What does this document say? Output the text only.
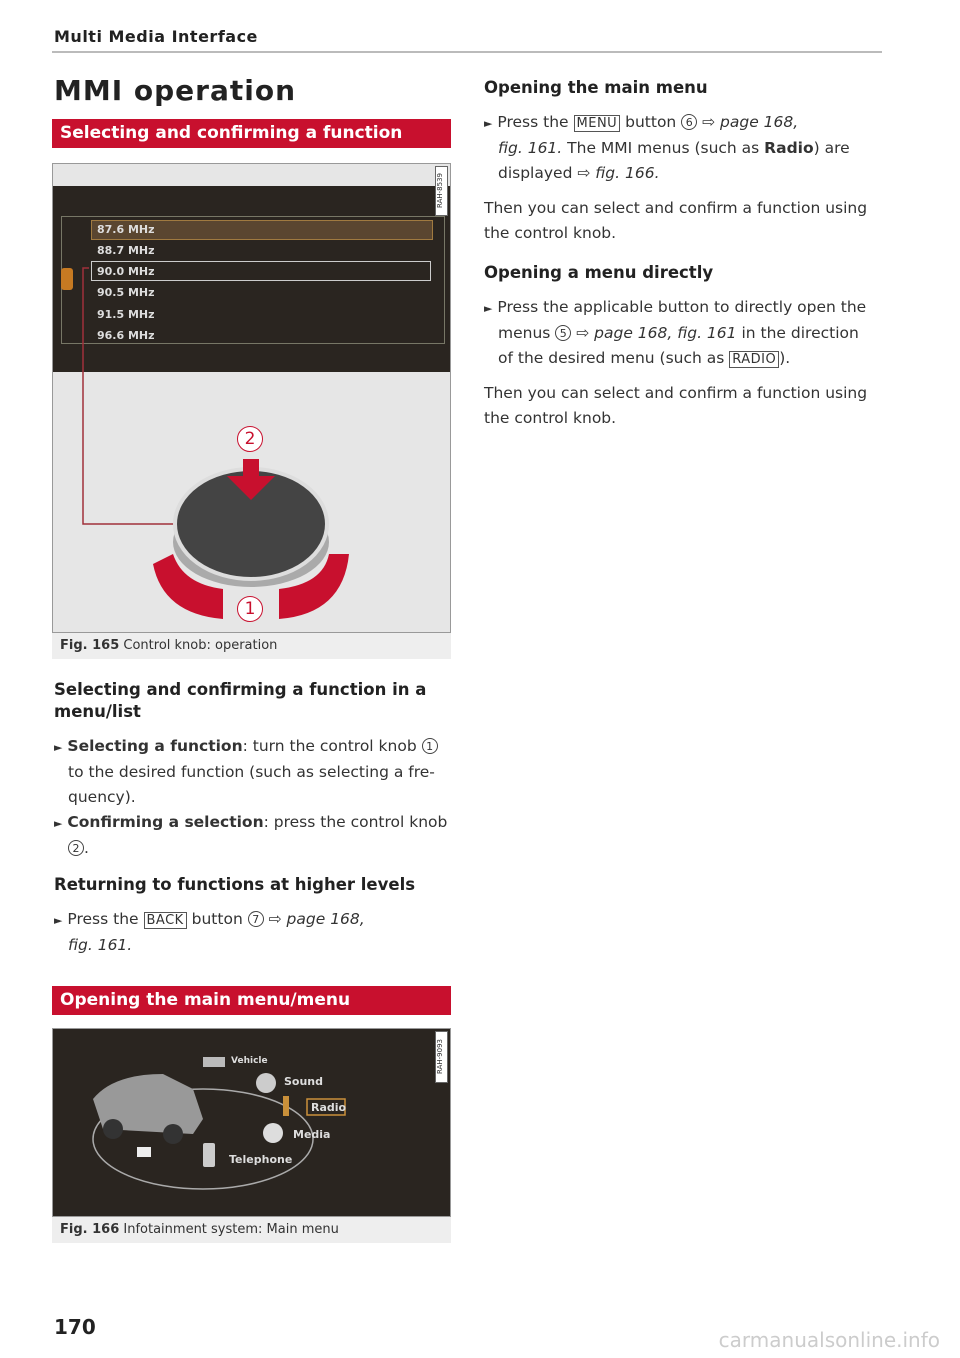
Multi Media Interface
MMI operation
Selecting and confirming a function
RAH-8539
87.6 MHz
88.7 MHz
90.0 MHz
90.5 MHz
91.5 MHz
96.6 MHz
2
1
Fig. 165 Control knob: operation
Selecting and confirming a function in a menu/list
► Selecting a function: turn the control knob 1
to the desired function (such as selecting a fre-
quency).
► Confirming a selection: press the control knob
2 .
Returning to functions at higher levels
► Press the BACK button 7 ⇨ page 168,
fig. 161.
Opening the main menu/menu
RAH-9093
Vehicle
Sound
Radio
Media
Telephone
Fig. 166 Infotainment system: Main menu
Opening the main menu
► Press the MENU button 6 ⇨ page 168,
fig. 161. The MMI menus (such as Radio) are
displayed ⇨ fig. 166.
Then you can select and confirm a function using
the control knob.
Opening a menu directly
► Press the applicable button to directly open the
menus 5 ⇨ page 168, fig. 161 in the direction
of the desired menu (such as RADIO ).
Then you can select and confirm a function using
the control knob.
170
carmanualsonline.info
